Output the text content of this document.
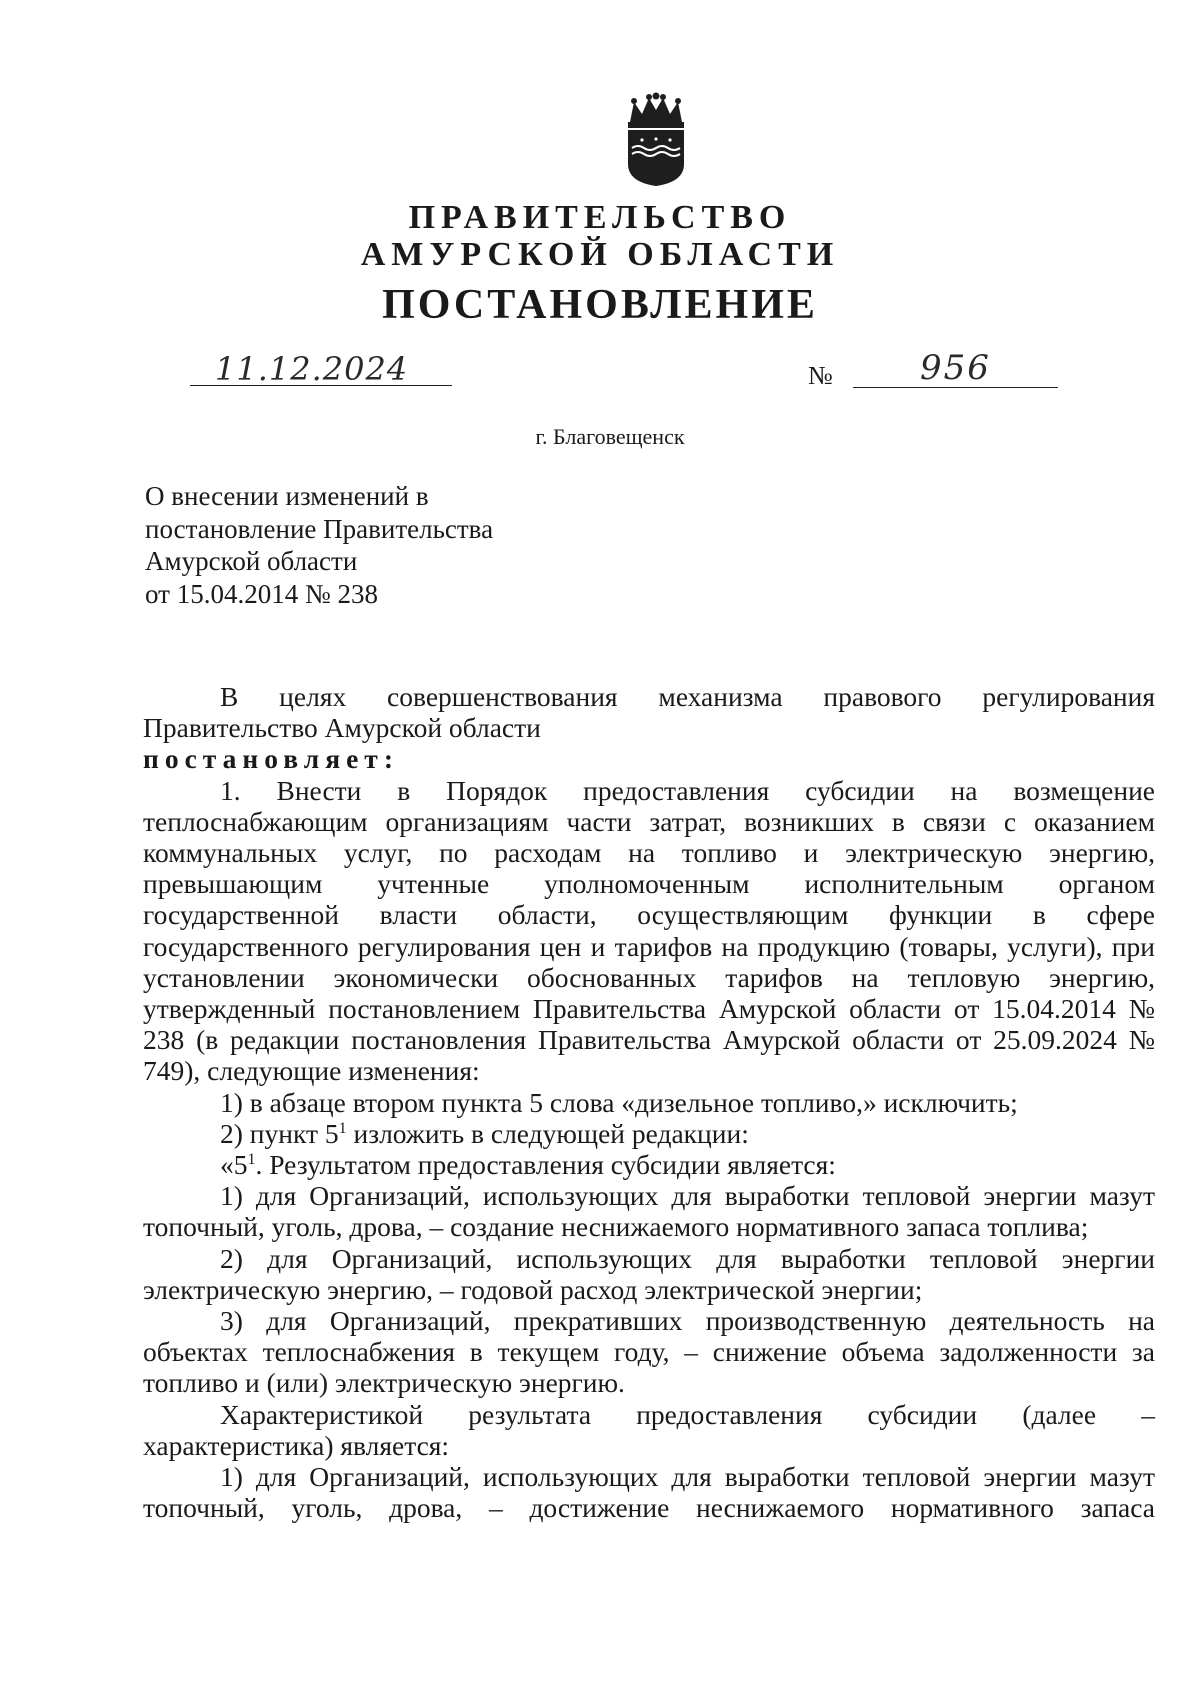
ПРАВИТЕЛЬСТВО
АМУРСКОЙ ОБЛАСТИ
ПОСТАНОВЛЕНИЕ
11.12.2024	№	956
г. Благовещенск
О внесении изменений в
постановление Правительства
Амурской области
от 15.04.2014 № 238

В целях совершенствования механизма правового регулирования

Правительство Амурской области

постановляет:

1. Внести в Порядок предоставления субсидии на возмещение теплоснабжающим организациям части затрат, возникших в связи с оказанием коммунальных услуг, по расходам на топливо и электрическую энергию, превышающим учтенные уполномоченным исполнительным органом государственной власти области, осуществляющим функции в сфере государственного регулирования цен и тарифов на продукцию (товары, услуги), при установлении экономически обоснованных тарифов на тепловую энергию, утвержденный постановлением Правительства Амурской области от 15.04.2014 № 238 (в редакции постановления Правительства Амурской области от 25.09.2024 № 749), следующие изменения:

1) в абзаце втором пункта 5 слова «дизельное топливо,» исключить;

2) пункт $5^1$ изложить в следующей редакции:

«$5^1$. Результатом предоставления субсидии является:

1) для Организаций, использующих для выработки тепловой энергии мазут топочный, уголь, дрова, – создание неснижаемого нормативного запаса топлива;

2) для Организаций, использующих для выработки тепловой энергии электрическую энергию, – годовой расход электрической энергии;

3) для Организаций, прекративших производственную деятельность на объектах теплоснабжения в текущем году, – снижение объема задолженности за топливо и (или) электрическую энергию.

Характеристикой результата предоставления субсидии (далее – характеристика) является:

1) для Организаций, использующих для выработки тепловой энергии мазут топочный, уголь, дрова, – достижение неснижаемого нормативного запаса
